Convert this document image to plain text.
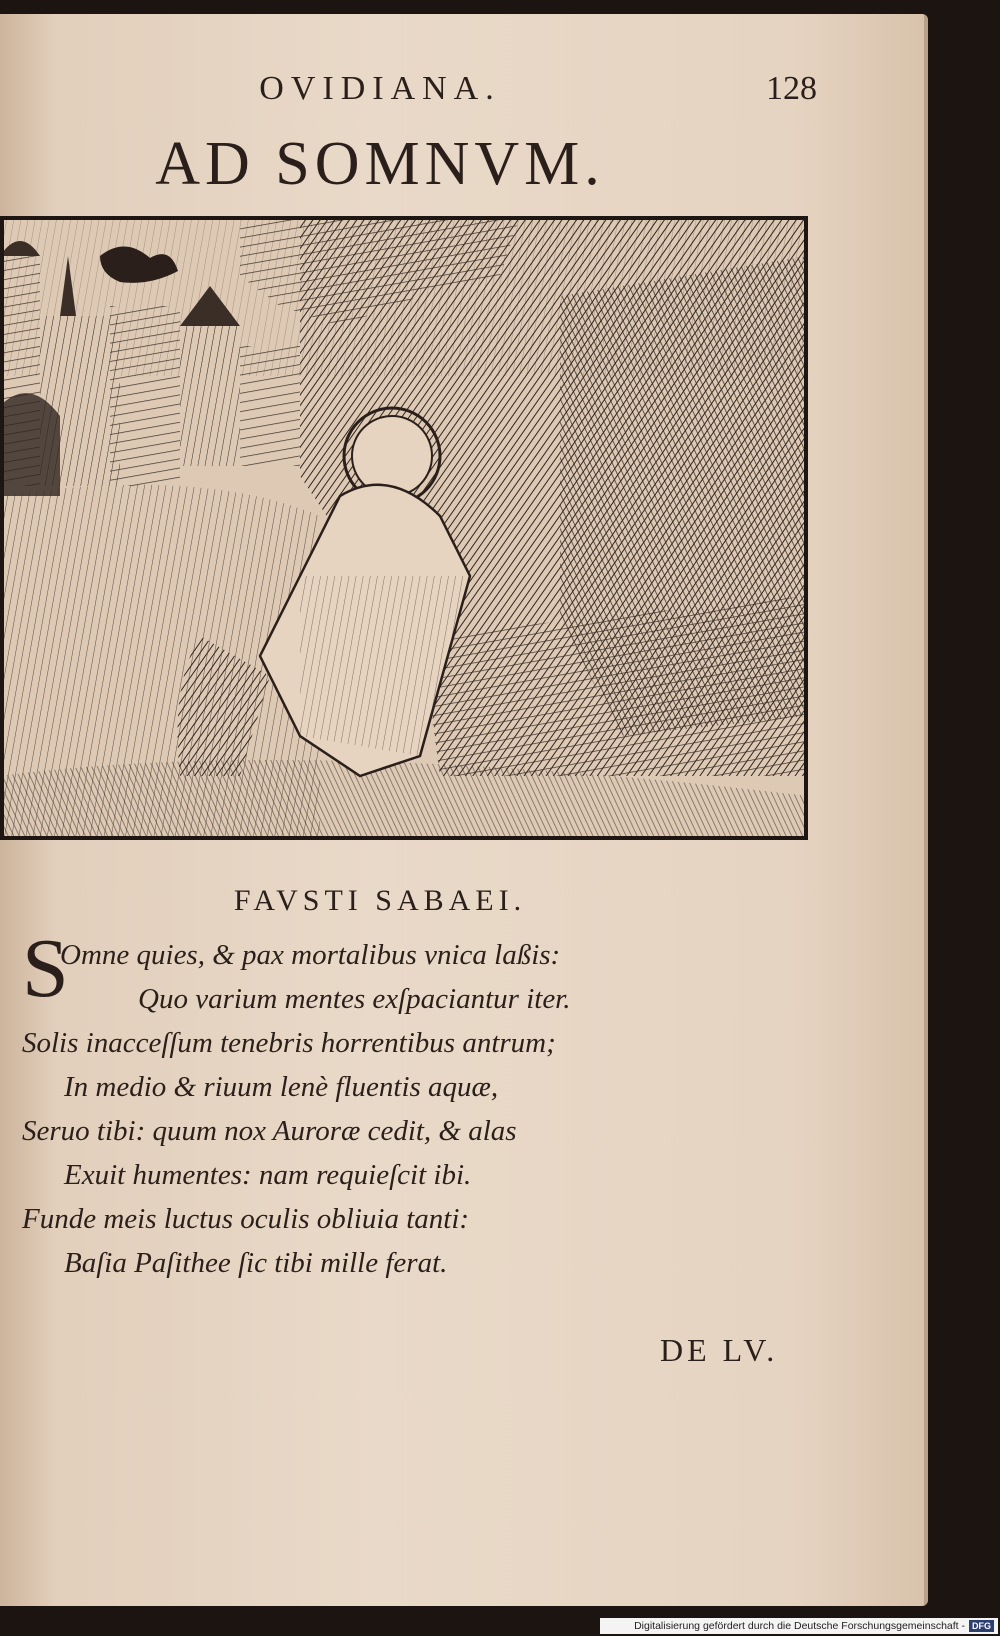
OVIDIANA.	128
AD SOMNVM.
FAVSTI SABAEI.
S
Omne quies, & pax mortalibus vnica laßis:
Quo varium mentes exſpaciantur iter.
Solis inacceſſum tenebris horrentibus antrum;
In medio & riuum lenè fluentis aquæ,
Seruo tibi: quum nox Auroræ cedit, & alas
Exuit humentes: nam requieſcit ibi.
Funde meis luctus oculis obliuia tanti:
Baſia Paſithee ſic tibi mille ferat.
DE LV.
Digitalisierung gefördert durch die Deutsche Forschungsgemeinschaft - DFG
